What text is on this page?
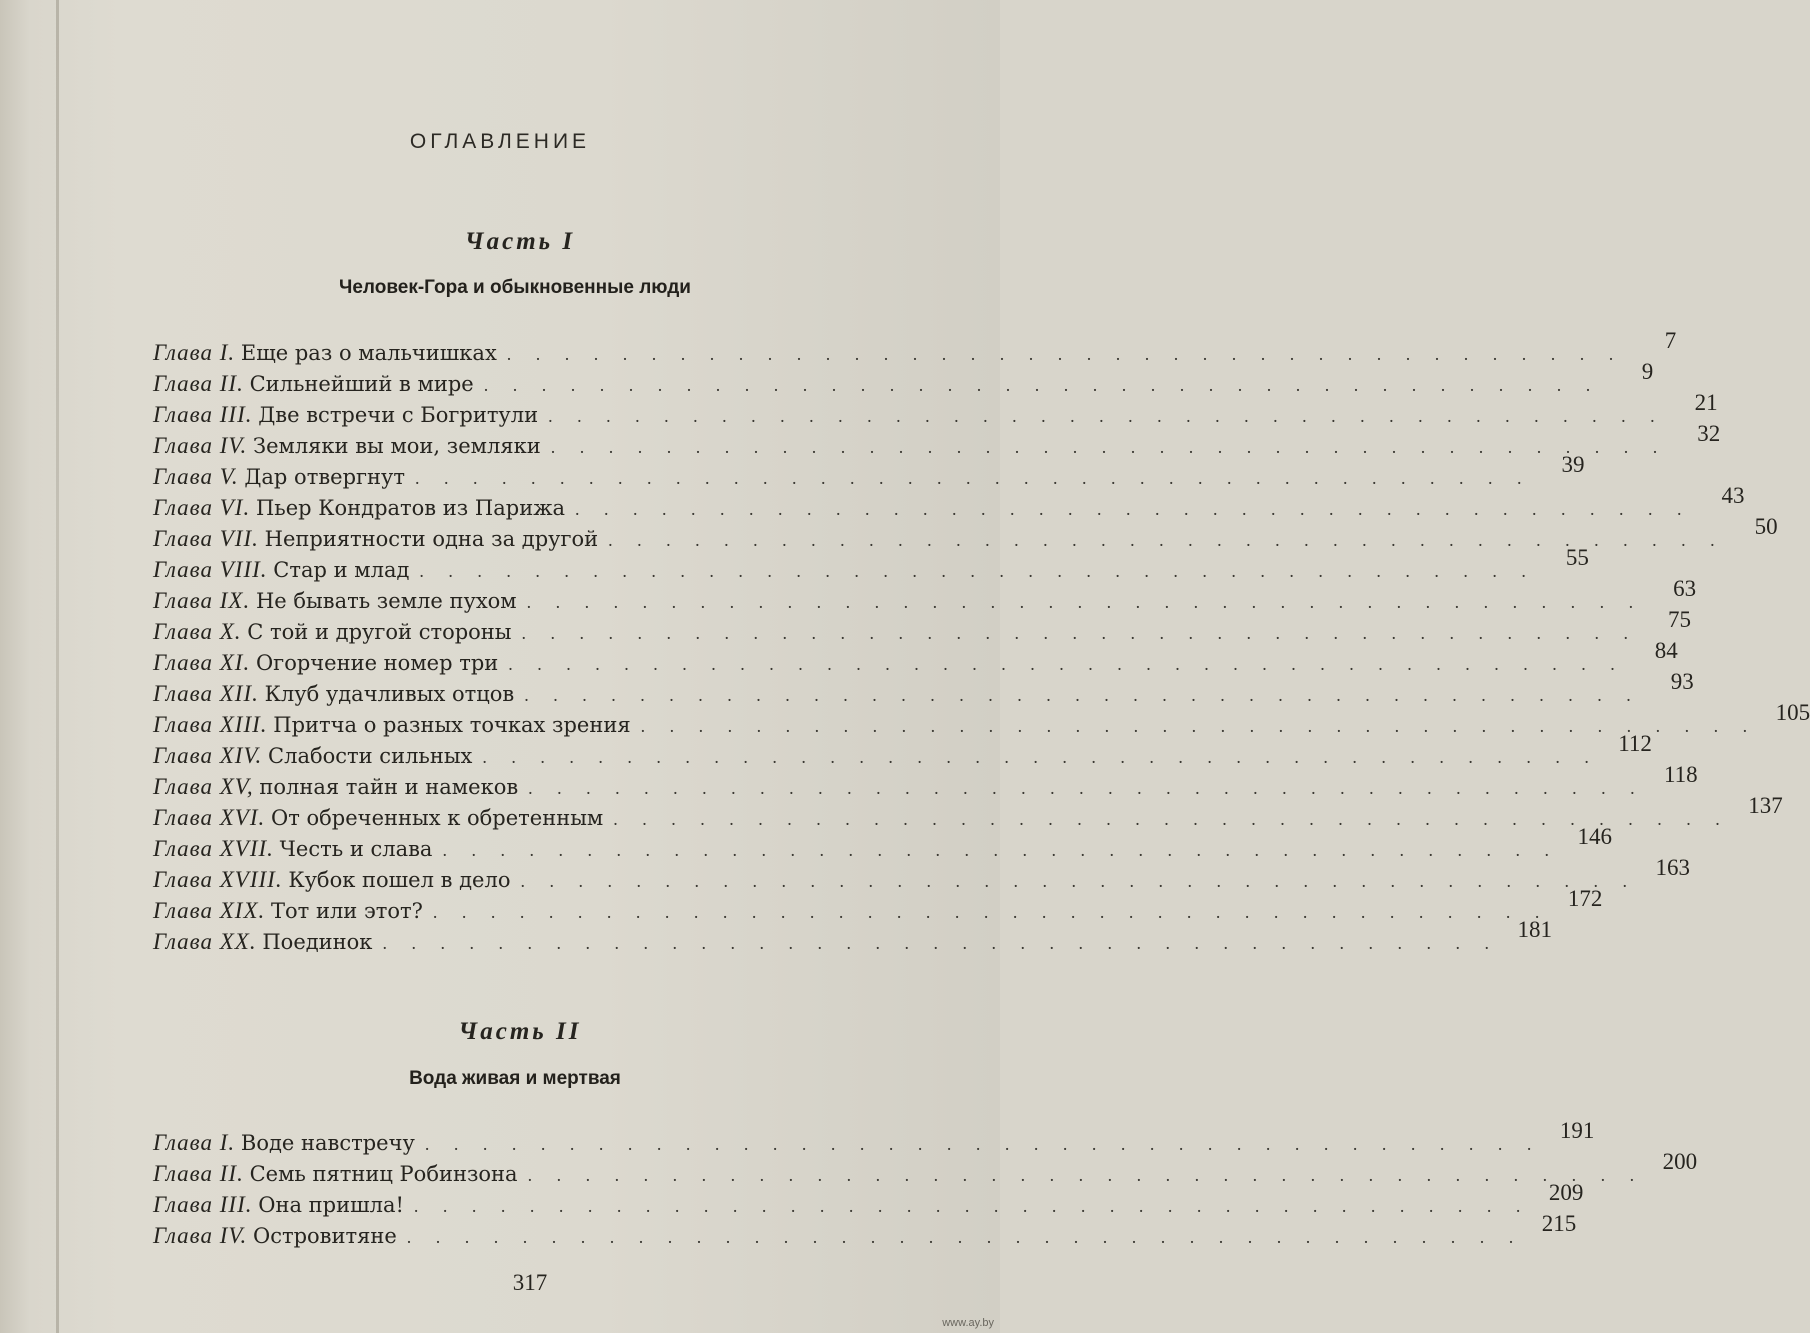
ОГЛАВЛЕНИЕ
Часть I
Человек-Гора и обыкновенные люди
Глава I.
Еще раз о мальчишках . . . . . . . . . . . . . . . . . . . . . . . . . . . . . . . . . . . . . . .
7
Глава II.
Сильнейший в мире . . . . . . . . . . . . . . . . . . . . . . . . . . . . . . . . . . . . . . .
9
Глава III.
Две встречи с Богритули . . . . . . . . . . . . . . . . . . . . . . . . . . . . . . . . . . . . . . .
21
Глава IV.
Земляки вы мои, земляки . . . . . . . . . . . . . . . . . . . . . . . . . . . . . . . . . . . . . . .
32
Глава V.
Дар отвергнут . . . . . . . . . . . . . . . . . . . . . . . . . . . . . . . . . . . . . . .
39
Глава VI.
Пьер Кондратов из Парижа . . . . . . . . . . . . . . . . . . . . . . . . . . . . . . . . . . . . . . .
43
Глава VII.
Неприятности одна за другой . . . . . . . . . . . . . . . . . . . . . . . . . . . . . . . . . . . . . . .
50
Глава VIII.
Стар и млад . . . . . . . . . . . . . . . . . . . . . . . . . . . . . . . . . . . . . . .
55
Глава IX.
Не бывать земле пухом . . . . . . . . . . . . . . . . . . . . . . . . . . . . . . . . . . . . . . .
63
Глава X.
С той и другой стороны . . . . . . . . . . . . . . . . . . . . . . . . . . . . . . . . . . . . . . .
75
Глава XI.
Огорчение номер три . . . . . . . . . . . . . . . . . . . . . . . . . . . . . . . . . . . . . . .
84
Глава XII.
Клуб удачливых отцов . . . . . . . . . . . . . . . . . . . . . . . . . . . . . . . . . . . . . . .
93
Глава XIII.
Притча о разных точках зрения . . . . . . . . . . . . . . . . . . . . . . . . . . . . . . . . . . . . . . .
105
Глава XIV.
Слабости сильных . . . . . . . . . . . . . . . . . . . . . . . . . . . . . . . . . . . . . . .
112
Глава XV,
полная тайн и намеков . . . . . . . . . . . . . . . . . . . . . . . . . . . . . . . . . . . . . . .
118
Глава XVI.
От обреченных к обретенным . . . . . . . . . . . . . . . . . . . . . . . . . . . . . . . . . . . . . . .
137
Глава XVII.
Честь и слава . . . . . . . . . . . . . . . . . . . . . . . . . . . . . . . . . . . . . . .
146
Глава XVIII.
Кубок пошел в дело . . . . . . . . . . . . . . . . . . . . . . . . . . . . . . . . . . . . . . .
163
Глава XIX.
Тот или этот? . . . . . . . . . . . . . . . . . . . . . . . . . . . . . . . . . . . . . . .
172
Глава XX.
Поединок . . . . . . . . . . . . . . . . . . . . . . . . . . . . . . . . . . . . . . .
181
Часть II
Вода живая и мертвая
Глава I.
Воде навстречу . . . . . . . . . . . . . . . . . . . . . . . . . . . . . . . . . . . . . . .
191
Глава II.
Семь пятниц Робинзона . . . . . . . . . . . . . . . . . . . . . . . . . . . . . . . . . . . . . . .
200
Глава III.
Она пришла! . . . . . . . . . . . . . . . . . . . . . . . . . . . . . . . . . . . . . . .
209
Глава IV.
Островитяне . . . . . . . . . . . . . . . . . . . . . . . . . . . . . . . . . . . . . . .
215
317
www.ay.by
